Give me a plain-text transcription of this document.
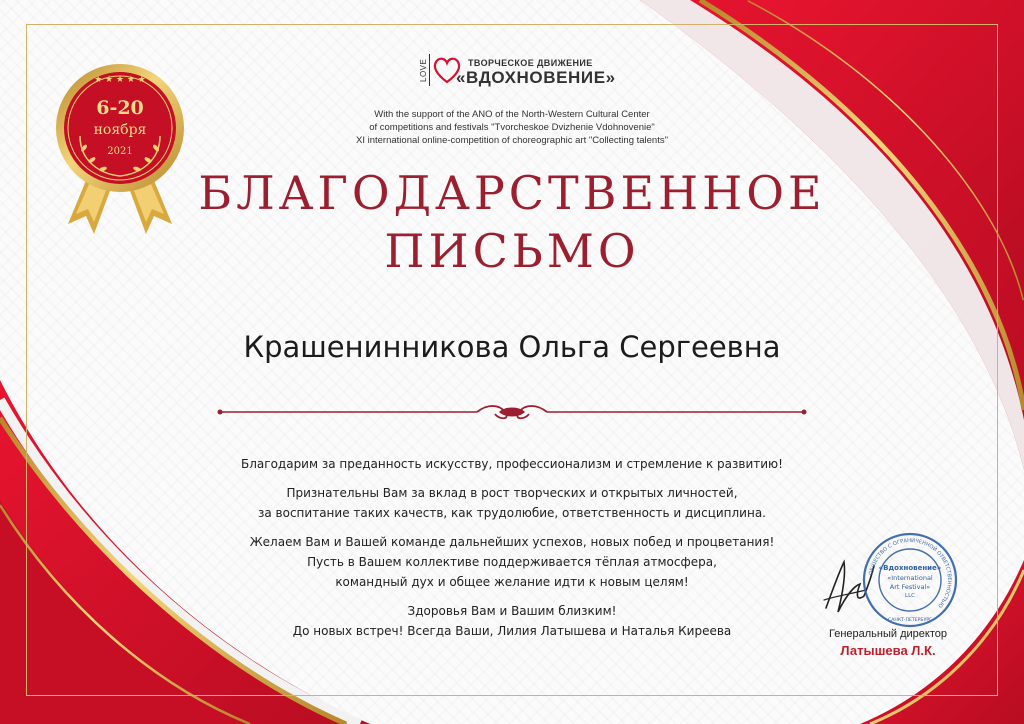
★ ★ ★ ★ ★
6-20
ноября
2021
LOVE	ТВОРЧЕСКОЕ ДВИЖЕНИЕ
«ВДОХНОВЕНИЕ»
With the support of the ANO of the North-Western Cultural Center
of competitions and festivals "Tvorcheskoe Dvizhenie Vdohnovenie"
XI international online-competition of choreographic art "Collecting talents"
БЛАГОДАРСТВЕННОЕ
ПИСЬМО
Крашенинникова Ольга Сергеевна
Благодарим за преданность искусству, профессионализм и стремление к развитию!
Признательны Вам за вклад в рост творческих и открытых личностей,
за воспитание таких качеств, как трудолюбие, ответственность и дисциплина.
Желаем Вам и Вашей команде дальнейших успехов, новых побед и процветания!
Пусть в Вашем коллективе поддерживается тёплая атмосфера,
командный дух и общее желание идти к новым целям!
Здоровья Вам и Вашим близким!
До новых встреч! Всегда Ваши, Лилия Латышева и Наталья Киреева
ОБЩЕСТВО С ОГРАНИЧЕННОЙ ОТВЕТСТВЕННОСТЬЮ
«Вдохновение»
«International
Art Festival»
LLC
САНКТ-ПЕТЕРБУРГ
Генеральный директор
Латышева Л.К.
